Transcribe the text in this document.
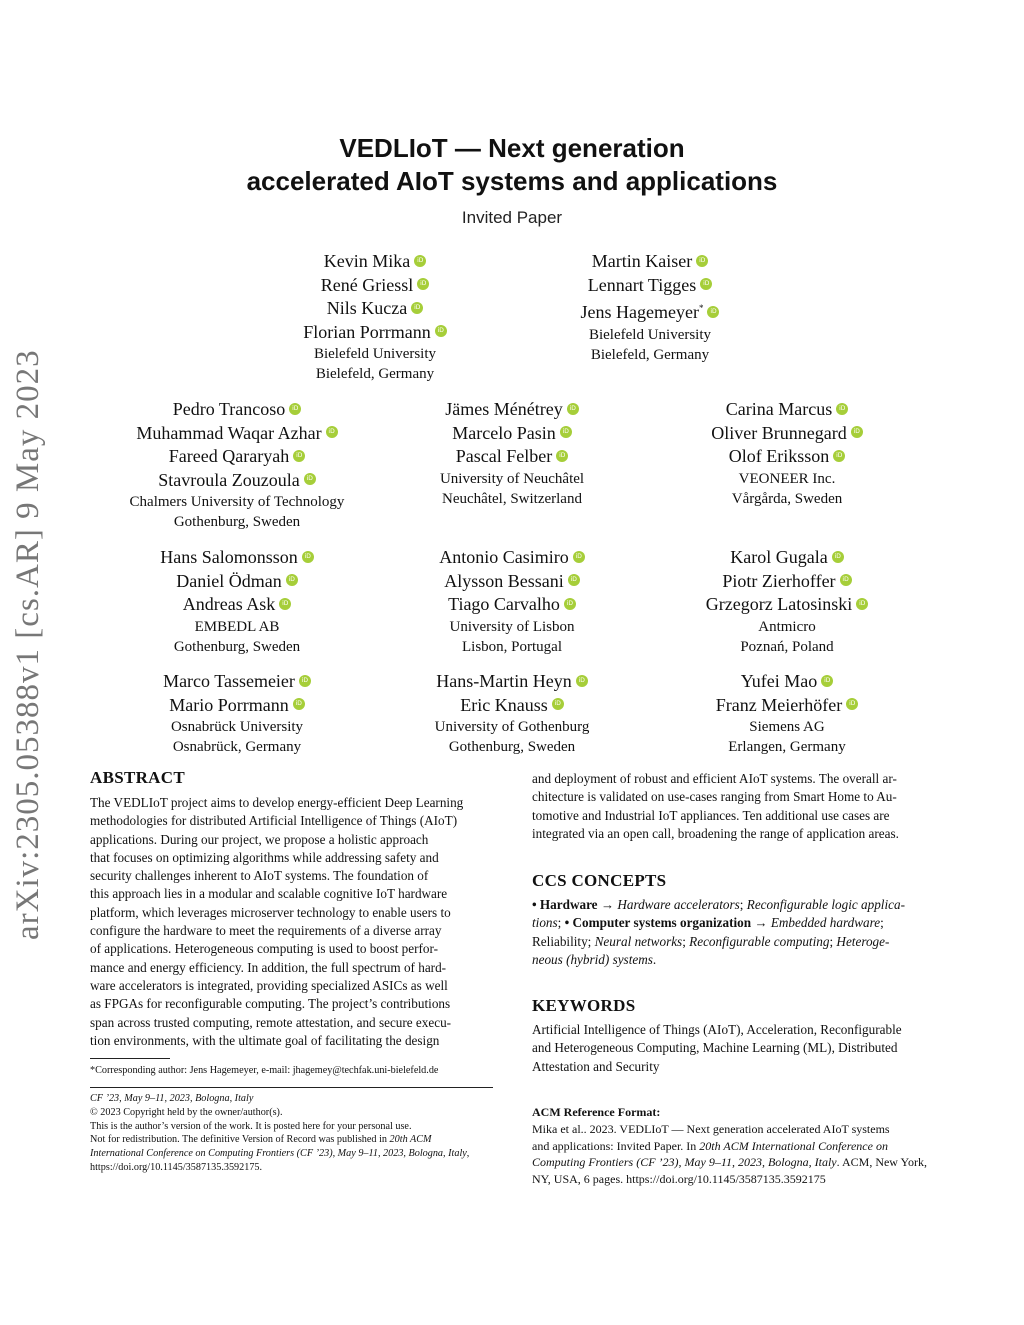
arXiv:2305.05388v1 [cs.AR] 9 May 2023
VEDLIoT — Next generation
accelerated AIoT systems and applications
Invited Paper
Kevin Mika iD
René Griessl iD
Nils Kucza iD
Florian Porrmann iD
Bielefeld University
Bielefeld, Germany
Martin Kaiser iD
Lennart Tigges iD
Jens Hagemeyer* iD
Bielefeld University
Bielefeld, Germany
Pedro Trancoso iD
Muhammad Waqar Azhar iD
Fareed Qararyah iD
Stavroula Zouzoula iD
Chalmers University of Technology
Gothenburg, Sweden
Jämes Ménétrey iD
Marcelo Pasin iD
Pascal Felber iD
University of Neuchâtel
Neuchâtel, Switzerland
Carina Marcus iD
Oliver Brunnegard iD
Olof Eriksson iD
VEONEER Inc.
Vårgårda, Sweden
Hans Salomonsson iD
Daniel Ödman iD
Andreas Ask iD
EMBEDL AB
Gothenburg, Sweden
Antonio Casimiro iD
Alysson Bessani iD
Tiago Carvalho iD
University of Lisbon
Lisbon, Portugal
Karol Gugala iD
Piotr Zierhoffer iD
Grzegorz Latosinski iD
Antmicro
Poznań, Poland
Marco Tassemeier iD
Mario Porrmann iD
Osnabrück University
Osnabrück, Germany
Hans-Martin Heyn iD
Eric Knauss iD
University of Gothenburg
Gothenburg, Sweden
Yufei Mao iD
Franz Meierhöfer iD
Siemens AG
Erlangen, Germany
ABSTRACT
The VEDLIoT project aims to develop energy-efficient Deep Learning
methodologies for distributed Artificial Intelligence of Things (AIoT)
applications. During our project, we propose a holistic approach
that focuses on optimizing algorithms while addressing safety and
security challenges inherent to AIoT systems. The foundation of
this approach lies in a modular and scalable cognitive IoT hardware
platform, which leverages microserver technology to enable users to
configure the hardware to meet the requirements of a diverse array
of applications. Heterogeneous computing is used to boost perfor-
mance and energy efficiency. In addition, the full spectrum of hard-
ware accelerators is integrated, providing specialized ASICs as well
as FPGAs for reconfigurable computing. The project’s contributions
span across trusted computing, remote attestation, and secure execu-
tion environments, with the ultimate goal of facilitating the design
*Corresponding author: Jens Hagemeyer, e-mail: jhagemey@techfak.uni-bielefeld.de
CF ’23, May 9–11, 2023, Bologna, Italy
© 2023 Copyright held by the owner/author(s).
This is the author’s version of the work. It is posted here for your personal use.
Not for redistribution. The definitive Version of Record was published in 20th ACM
International Conference on Computing Frontiers (CF ’23), May 9–11, 2023, Bologna, Italy,
https://doi.org/10.1145/3587135.3592175.
and deployment of robust and efficient AIoT systems. The overall ar-
chitecture is validated on use-cases ranging from Smart Home to Au-
tomotive and Industrial IoT appliances. Ten additional use cases are
integrated via an open call, broadening the range of application areas.
CCS CONCEPTS
• Hardware → Hardware accelerators; Reconfigurable logic applica-
tions; • Computer systems organization → Embedded hardware;
Reliability; Neural networks; Reconfigurable computing; Heteroge-
neous (hybrid) systems.
KEYWORDS
Artificial Intelligence of Things (AIoT), Acceleration, Reconfigurable
and Heterogeneous Computing, Machine Learning (ML), Distributed
Attestation and Security
ACM Reference Format:
Mika et al.. 2023. VEDLIoT — Next generation accelerated AIoT systems
and applications: Invited Paper. In 20th ACM International Conference on
Computing Frontiers (CF ’23), May 9–11, 2023, Bologna, Italy. ACM, New York,
NY, USA, 6 pages. https://doi.org/10.1145/3587135.3592175
